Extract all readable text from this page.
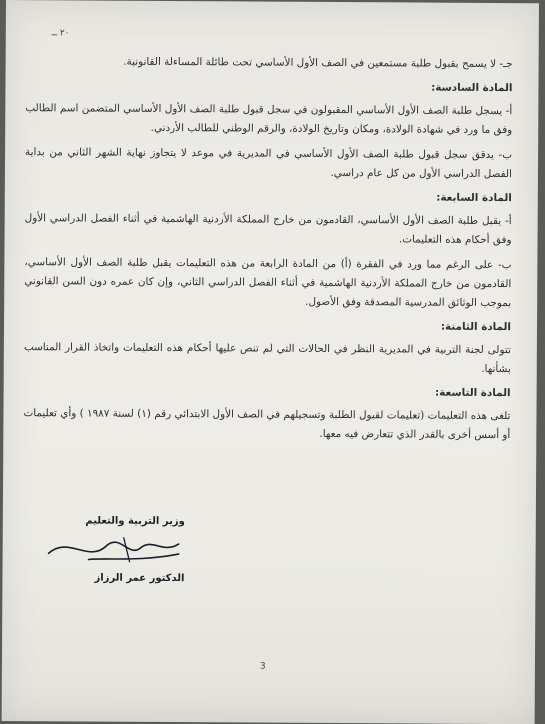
٢٠ ــ

جـ- لا يسمح بقبول طلبة مستمعين في الصف الأول الأساسي تحت طائلة المساءلة القانونية.

المادة السادسة:

أ- يسجل طلبة الصف الأول الأساسي المقبولون في سجل قبول طلبة الصف الأول الأساسي المتضمن اسم الطالب وفق ما ورد في شهادة الولادة، ومكان وتاريخ الولادة، والرقم الوطني للطالب الأردني.

ب- يدقق سجل قبول طلبة الصف الأول الأساسي في المديرية في موعد لا يتجاوز نهاية الشهر الثاني من بداية الفصل الدراسي الأول من كل عام دراسي.

المادة السابعة:

أ- يقبل طلبة الصف الأول الأساسي، القادمون من خارج المملكة الأردنية الهاشمية في أثناء الفصل الدراسي الأول وفق أحكام هذه التعليمات.

ب- على الرغم مما ورد في الفقرة (أ) من المادة الرابعة من هذه التعليمات يقبل طلبة الصف الأول الأساسي، القادمون من خارج المملكة الأردنية الهاشمية في أثناء الفصل الدراسي الثاني، وإن كان عمره دون السن القانوني بموجب الوثائق المدرسية المصدقة وفق الأصول.

المادة الثامنة:

تتولى لجنة التربية في المديرية النظر في الحالات التي لم تنص عليها أحكام هذه التعليمات واتخاذ القرار المناسب بشأنها.

المادة التاسعة:

تلغى هذه التعليمات (تعليمات لقبول الطلبة وتسجيلهم في الصف الأول الابتدائي رقم (١) لسنة ١٩٨٧ ) وأي تعليمات أو أسس أخرى بالقدر الذي تتعارض فيه معها.

وزير التربية والتعليم
الدكتور عمر الرزاز
3
